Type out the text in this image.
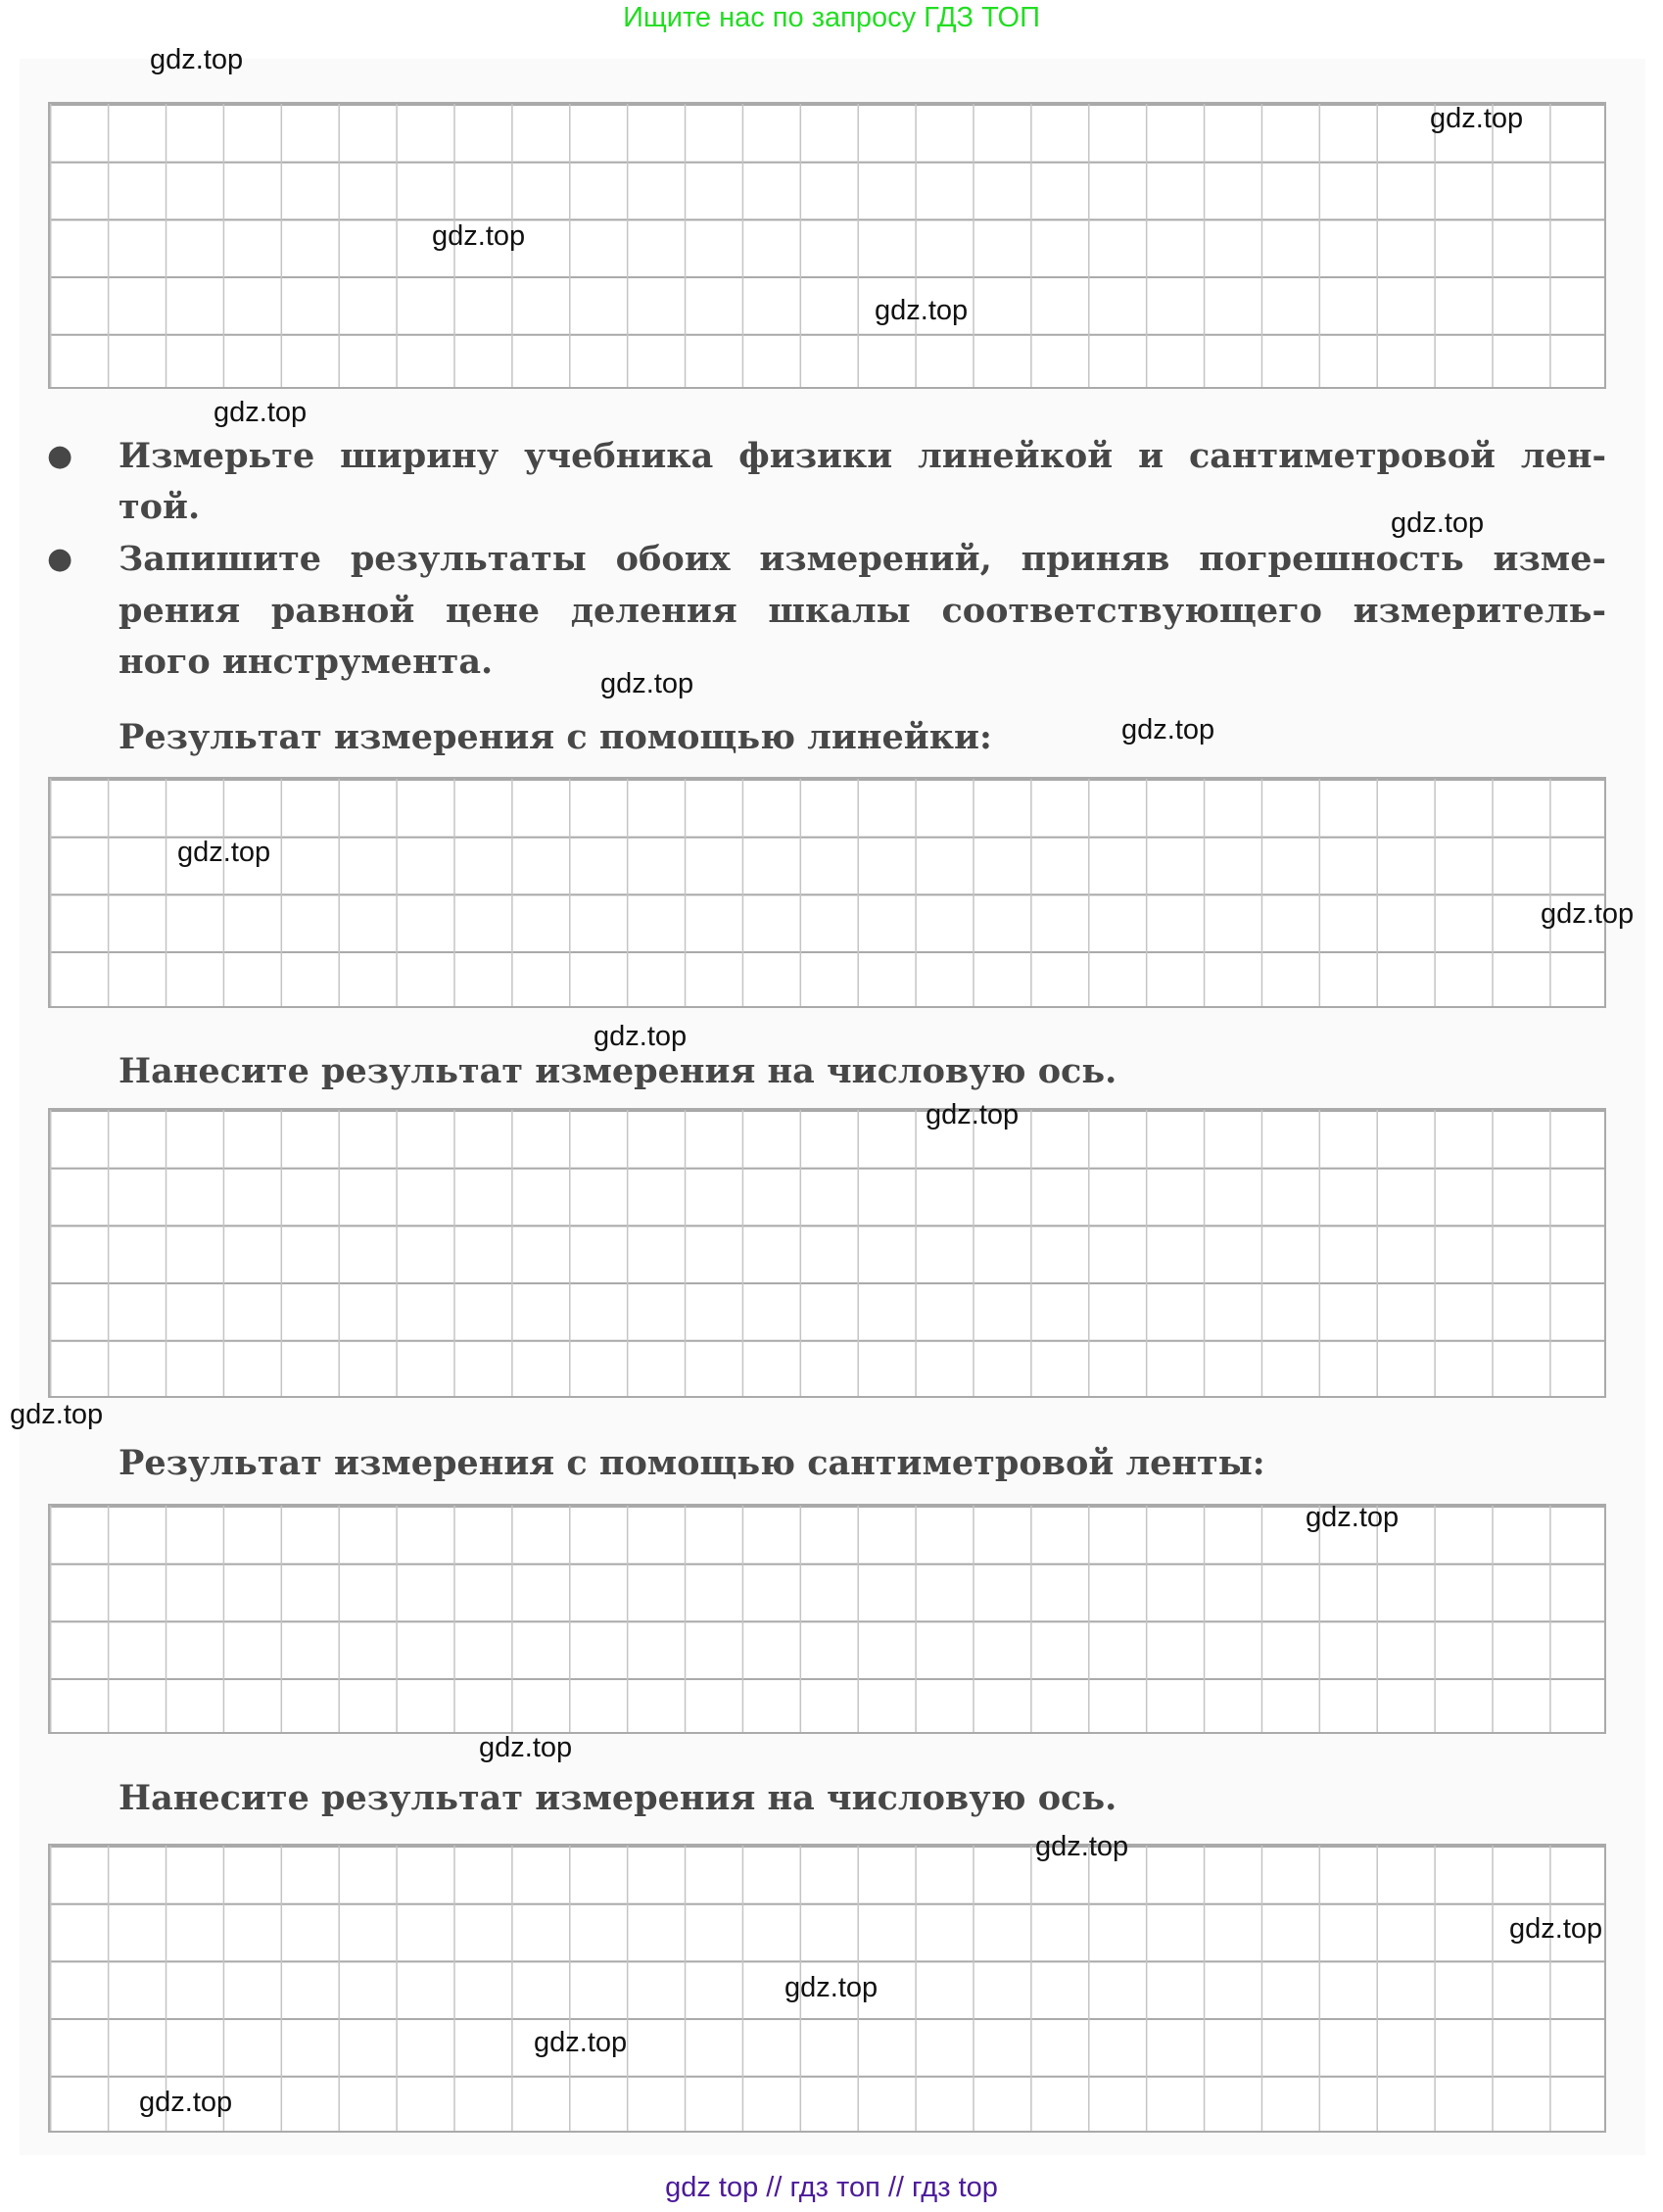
Ищите нас по запросу ГДЗ ТОП
● Измерьте ширину учебника физики линейкой и сантиметровой лен-
той.
● Запишите результаты обоих измерений, приняв погрешность изме-
рения равной цене деления шкалы соответствующего измеритель-
ного инструмента.
Результат измерения с помощью линейки:
Нанесите результат измерения на числовую ось.
Результат измерения с помощью сантиметровой ленты:
Нанесите результат измерения на числовую ось.
gdz.top
gdz.top
gdz.top
gdz.top
gdz.top
gdz.top
gdz.top
gdz.top
gdz.top
gdz.top
gdz.top
gdz.top
gdz.top
gdz.top
gdz.top
gdz.top
gdz.top
gdz.top
gdz.top
gdz.top
gdz top // гдз топ // гдз top
